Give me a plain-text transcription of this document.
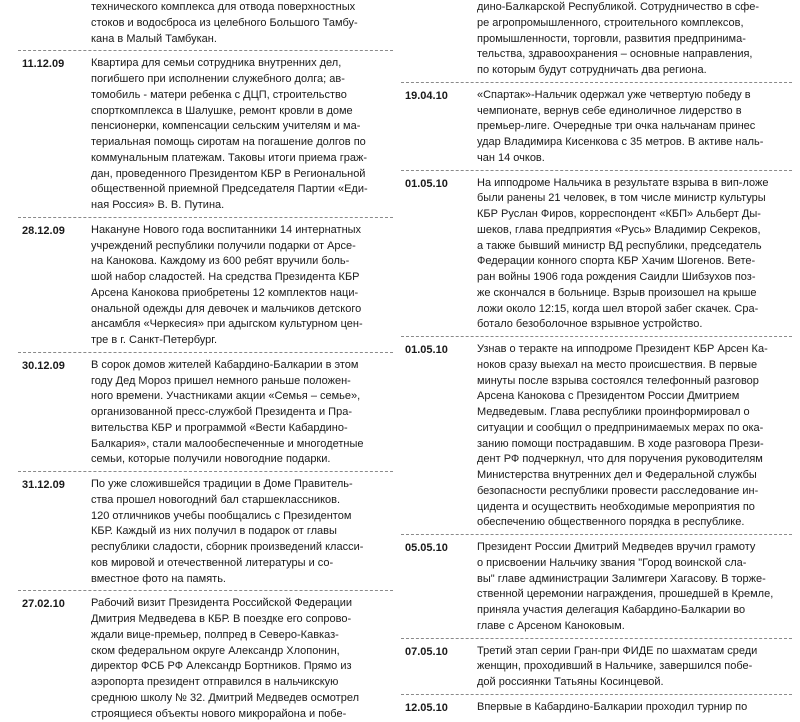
технического комплекса для отвода поверхностных
стоков и водосброса из целебного Большого Тамбу-
кана в Малый Тамбукан.
11.12.09 Квартира для семьи сотрудника внутренних дел,
погибшего при исполнении служебного долга; ав-
томобиль - матери ребенка с ДЦП, строительство
спорткомплекса в Шалушке, ремонт кровли в доме
пенсионерки, компенсации сельским учителям и ма-
териальная помощь сиротам на погашение долгов по
коммунальным платежам. Таковы итоги приема граж-
дан, проведенного Президентом КБР в Региональной
общественной приемной Председателя Партии «Еди-
ная Россия» В. В. Путина.
28.12.09 Накануне Нового года воспитанники 14 интернатных
учреждений республики получили подарки от Арсе-
на Канокова. Каждому из 600 ребят вручили боль-
шой набор сладостей. На средства Президента КБР
Арсена Канокова приобретены 12 комплектов наци-
ональной одежды для девочек и мальчиков детского
ансамбля «Черкесия» при адыгском культурном цен-
тре в г. Санкт-Петербург.
30.12.09 В сорок домов жителей Кабардино-Балкарии в этом
году Дед Мороз пришел немного раньше положен-
ного времени. Участниками акции «Семья – семье»,
организованной пресс-службой Президента и Пра-
вительства КБР и программой «Вести Кабардино-
Балкария», стали малообеспеченные и многодетные
семьи, которые получили новогодние подарки.
31.12.09 По уже сложившейся традиции в Доме Правитель-
ства прошел новогодний бал старшеклассников.
120 отличников учебы пообщались с Президентом
КБР. Каждый из них получил в подарок от главы
республики сладости, сборник произведений класси-
ков мировой и отечественной литературы и со-
вместное фото на память.
27.02.10 Рабочий визит Президента Российской Федерации
Дмитрия Медведева в КБР. В поездке его сопрово-
ждали вице-премьер, полпред в Северо-Кавказ-
ском федеральном округе Александр Хлопонин,
директор ФСБ РФ Александр Бортников. Прямо из
аэропорта президент отправился в нальчикскую
среднюю школу № 32. Дмитрий Медведев осмотрел
строящиеся объекты нового микрорайона и побе-
дино-Балкарской Республикой. Сотрудничество в сфе-
ре агропромышленного, строительного комплексов,
промышленности, торговли, развития предпринима-
тельства, здравоохранения – основные направления,
по которым будут сотрудничать два региона.
19.04.10	«Спартак»-Нальчик одержал уже четвертую победу в
чемпионате, вернув себе единоличное лидерство в
премьер-лиге. Очередные три очка нальчанам принес
удар Владимира Кисенкова с 35 метров. В активе наль-
чан 14 очков.
01.05.10	На ипподроме Нальчика в результате взрыва в вип-ложе
были ранены 21 человек, в том числе министр культуры
КБР Руслан Фиров, корреспондент «КБП» Альберт Ды-
шеков, глава предприятия «Русь» Владимир Секреков,
а также бывший министр ВД республики, председатель
Федерации конного спорта КБР Хачим Шогенов. Вете-
ран войны 1906 года рождения Саидли Шибзухов поз-
же скончался в больнице. Взрыв произошел на крыше
ложи около 12:15, когда шел второй забег скачек. Сра-
ботало безоболочное взрывное устройство.
01.05.10	Узнав о теракте на ипподроме Президент КБР Арсен Ка-
ноков сразу выехал на место происшествия. В первые
минуты после взрыва состоялся телефонный разговор
Арсена Канокова с Президентом России Дмитрием
Медведевым. Глава республики проинформировал о
ситуации и сообщил о предпринимаемых мерах по ока-
занию помощи пострадавшим. В ходе разговора Прези-
дент РФ подчеркнул, что для поручения руководителям
Министерства внутренних дел и Федеральной службы
безопасности республики провести расследование ин-
цидента и осуществить необходимые мероприятия по
обеспечению общественного порядка в республике.
05.05.10	Президент России Дмитрий Медведев вручил грамоту
о присвоении Нальчику звания "Город воинской сла-
вы" главе администрации Залимгери Хагасову. В торже-
ственной церемонии награждения, прошедшей в Кремле,
приняла участия делегация Кабардино-Балкарии во
главе с Арсеном Каноковым.
07.05.10	Третий этап серии Гран-при ФИДЕ по шахматам среди
женщин, проходивший в Нальчике, завершился побе-
дой россиянки Татьяны Косинцевой.
12.05.10	Впервые в Кабардино-Балкарии проходил турнир по
